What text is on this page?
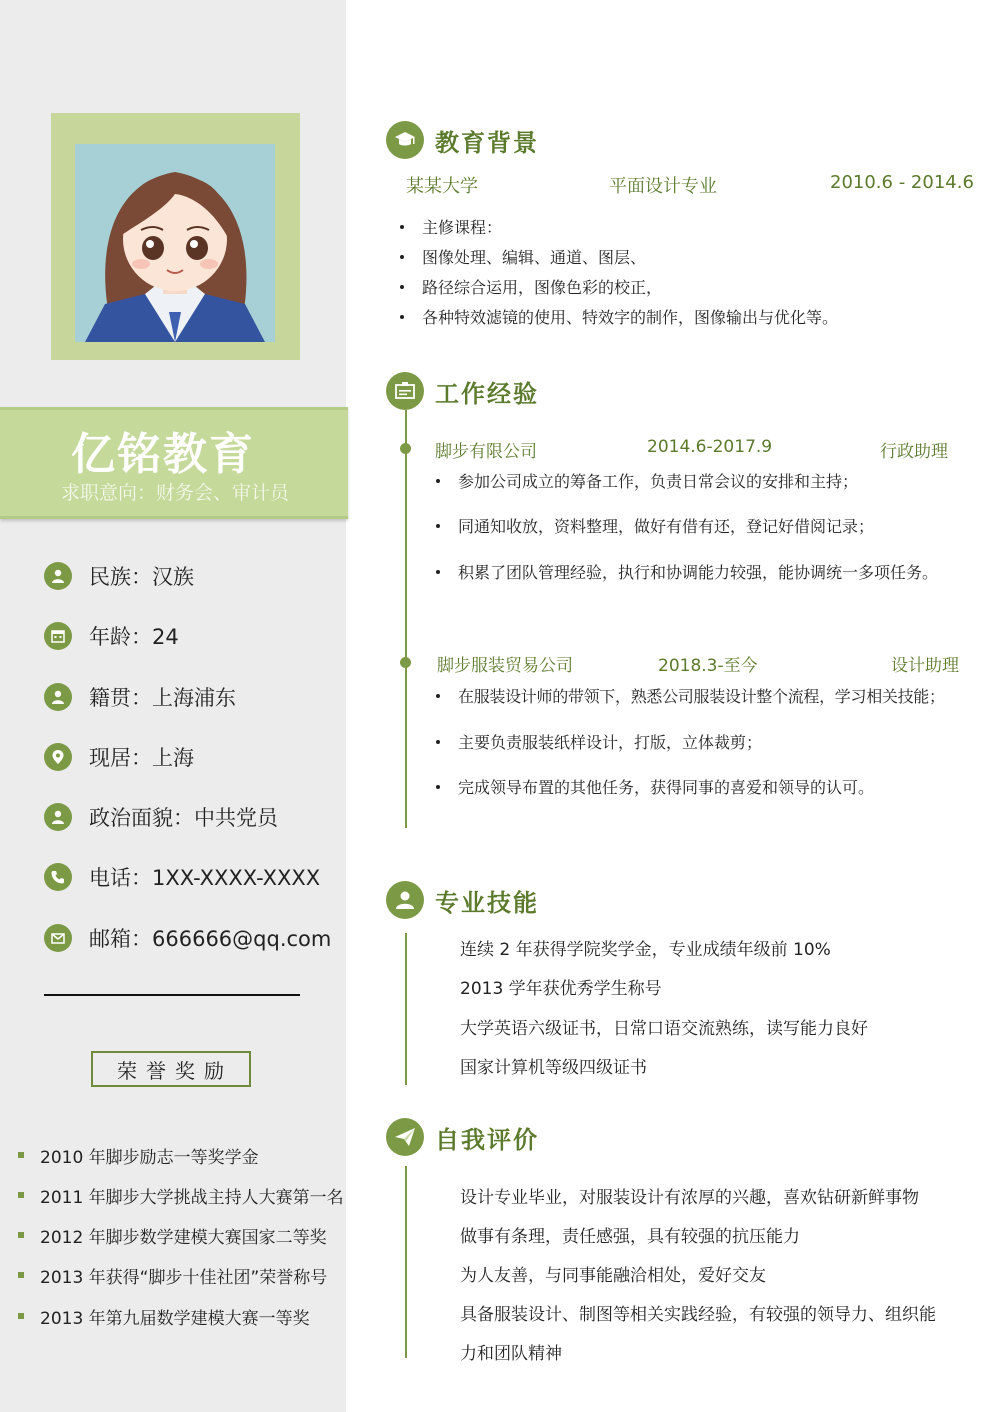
亿铭教育
求职意向：财务会、审计员
民族：汉族
年龄：24
籍贯：上海浦东
现居：上海
政治面貌：中共党员
电话：1XX-XXXX-XXXX
邮箱：666666@qq.com
荣誉奖励
2010 年脚步励志一等奖学金
2011 年脚步大学挑战主持人大赛第一名
2012 年脚步数学建模大赛国家二等奖
2013 年获得“脚步十佳社团”荣誉称号
2013 年第九届数学建模大赛一等奖
教育背景
某某大学	平面设计专业	2010.6 - 2014.6
主修课程：
图像处理、编辑、通道、图层、
路径综合运用，图像色彩的校正，
各种特效滤镜的使用、特效字的制作，图像输出与优化等。
工作经验
脚步有限公司	2014.6-2017.9	行政助理
参加公司成立的筹备工作，负责日常会议的安排和主持；
同通知收放，资料整理，做好有借有还，登记好借阅记录；
积累了团队管理经验，执行和协调能力较强，能协调统一多项任务。
脚步服装贸易公司	2018.3-至今	设计助理
在服装设计师的带领下，熟悉公司服装设计整个流程，学习相关技能；
主要负责服装纸样设计，打版，立体裁剪；
完成领导布置的其他任务，获得同事的喜爱和领导的认可。
专业技能
连续 2 年获得学院奖学金，专业成绩年级前 10%
2013 学年获优秀学生称号
大学英语六级证书，日常口语交流熟练，读写能力良好
国家计算机等级四级证书
自我评价
设计专业毕业，对服装设计有浓厚的兴趣，喜欢钻研新鲜事物
做事有条理，责任感强，具有较强的抗压能力
为人友善，与同事能融洽相处，爱好交友
具备服装设计、制图等相关实践经验，有较强的领导力、组织能
力和团队精神
